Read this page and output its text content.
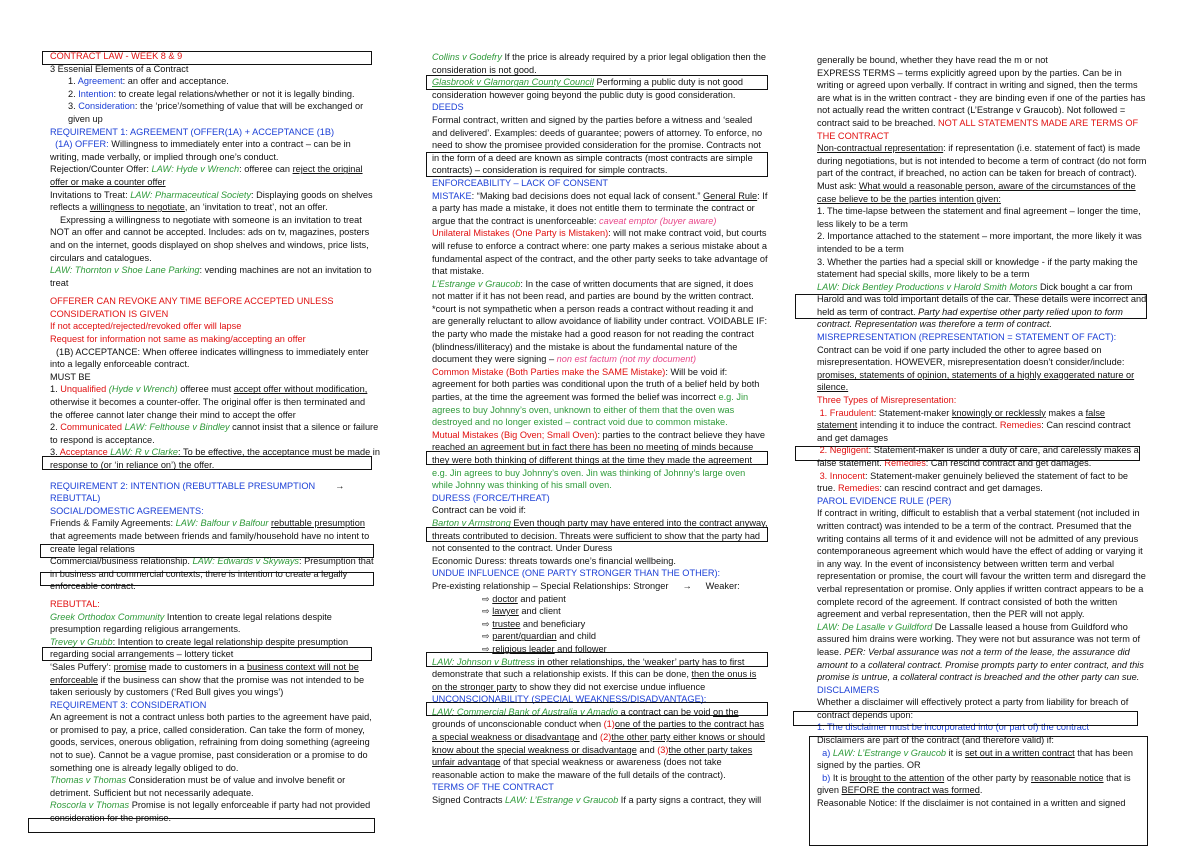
CONTRACT LAW - WEEK 8 & 9

3 Essenial Elements of a Contract

1. Agreement: an offer and acceptance.

2. Intention: to create legal relations/whether or not it is legally binding.

3. Consideration: the ‘price’/something of value that will be exchanged or given up

REQUIREMENT 1: AGREEMENT (OFFER(1A) + ACCEPTANCE (1B)

(1A) OFFER: Willingness to immediately enter into a contract – can be in writing, made verbally, or implied through one’s conduct.

Rejection/Counter Offer: LAW: Hyde v Wrench: offeree can reject the original offer or make a counter offer

Invitations to Treat: LAW: Pharmaceutical Society: Displaying goods on shelves reflects a willingness to negotiate, an ‘invitation to treat’, not an offer.

Expressing a willingness to negotiate with someone is an invitation to treat NOT an offer and cannot be accepted. Includes: ads on tv, magazines, posters and on the internet, goods displayed on shop shelves and windows, price lists, circulars and catalogues.

LAW: Thornton v Shoe Lane Parking: vending machines are not an invitation to treat

OFFERER CAN REVOKE ANY TIME BEFORE ACCEPTED UNLESS CONSIDERATION IS GIVEN

If not accepted/rejected/revoked offer will lapse

Request for information not same as making/accepting an offer

(1B) ACCEPTANCE: When offeree indicates willingness to immediately enter into a legally enforceable contract.

MUST BE

1. Unqualified (Hyde v Wrench) offeree must accept offer without modification, otherwise it becomes a counter-offer. The original offer is then terminated and the offeree cannot later change their mind to accept the offer

2. Communicated LAW: Felthouse v Bindley cannot insist that a silence or failure to respond is acceptance.

3. Acceptance LAW: R v Clarke: To be effective, the acceptance must be made in response to (or ‘in reliance on’) the offer.

REQUIREMENT 2: INTENTION (REBUTTABLE PRESUMPTION →

REBUTTAL)

SOCIAL/DOMESTIC AGREEMENTS:

Friends & Family Agreements: LAW: Balfour v Balfour rebuttable presumption that agreements made between friends and family/household have no intent to create legal relations

Commercial/business relationship. LAW: Edwards v Skyways: Presumption that in business and commercial contexts, there is intention to create a legally enforceable contract.

REBUTTAL:

Greek Orthodox Community Intention to create legal relations despite presumption regarding religious arrangements.

Trevey v Grubb: Intention to create legal relationship despite presumption regarding social arrangements – lottery ticket

‘Sales Puffery’: promise made to customers in a business context will not be enforceable if the business can show that the promise was not intended to be taken seriously by customers (‘Red Bull gives you wings’)

REQUIREMENT 3: CONSIDERATION

An agreement is not a contract unless both parties to the agreement have paid, or promised to pay, a price, called consideration. Can take the form of money, goods, services, onerous obligation, refraining from doing something (agreeing not to sue). Cannot be a vague promise, past consideration or a promise to do something one is already legally obliged to do.

Thomas v Thomas Consideration must be of value and involve benefit or detriment. Sufficient but not necessarily adequate.

Roscorla v Thomas Promise is not legally enforceable if party had not provided consideration for the promise.

Collins v Godefry If the price is already required by a prior legal obligation then the consideration is not good.

Glasbrook v Glamorgan County Council Performing a public duty is not good consideration however going beyond the public duty is good consideration.

DEEDS

Formal contract, written and signed by the parties before a witness and ‘sealed and delivered’. Examples: deeds of guarantee; powers of attorney. To enforce, no need to show the promisee provided consideration for the promise. Contracts not in the form of a deed are known as simple contracts (most contracts are simple contracts) – consideration is required for simple contracts.

ENFORCEABILITY – LACK OF CONSENT

MISTAKE: “Making bad decisions does not equal lack of consent.” General Rule: If a party has made a mistake, it does not entitle them to terminate the contract or argue that the contract is unenforceable: caveat emptor (buyer aware)

Unilateral Mistakes (One Party is Mistaken): will not make contract void, but courts will refuse to enforce a contract where: one party makes a serious mistake about a fundamental aspect of the contract, and the other party seeks to take advantage of that mistake.

L’Estrange v Graucob: In the case of written documents that are signed, it does not matter if it has not been read, and parties are bound by the written contract. *court is not sympathetic when a person reads a contract without reading it and are generally reluctant to allow avoidance of liability under contract. VOIDABLE IF: the party who made the mistake had a good reason for not reading the contract (blindness/illiteracy) and the mistake is about the fundamental nature of the document they were signing – non est factum (not my document)

Common Mistake (Both Parties make the SAME Mistake): Will be void if: agreement for both parties was conditional upon the truth of a belief held by both parties, at the time the agreement was formed the belief was incorrect e.g. Jin agrees to buy Johnny’s oven, unknown to either of them that the oven was destroyed and no longer existed – contract void due to common mistake.

Mutual Mistakes (Big Oven; Small Oven): parties to the contract believe they have reached an agreement but in fact there has been no meeting of minds because they were both thinking of different things at the time they made the agreement e.g. Jin agrees to buy Johnny’s oven. Jin was thinking of Johnny’s large oven while Johnny was thinking of his small oven.

DURESS (FORCE/THREAT)

Contract can be void if:

Barton v Armstrong Even though party may have entered into the contract anyway, threats contributed to decision. Threats were sufficient to show that the party had not consented to the contract. Under Duress

Economic Duress: threats towards one’s financial wellbeing.

UNDUE INFLUENCE (ONE PARTY STRONGER THAN THE OTHER):

Pre-existing relationship – Special Relationships: Stronger → Weaker:

⇨ doctor and patient

⇨ lawyer and client

⇨ trustee and beneficiary

⇨ parent/guardian and child

⇨ religious leader and follower

LAW: Johnson v Buttress in other relationships, the ‘weaker’ party has to first demonstrate that such a relationship exists. If this can be done, then the onus is on the stronger party to show they did not exercise undue influence

UNCONSCIONABILITY (SPECIAL WEAKNESS/DISADVANTAGE):

LAW: Commercial Bank of Australia v Amadio a contract can be void on the grounds of unconscionable conduct when (1)one of the parties to the contract has a special weakness or disadvantage and (2)the other party either knows or should know about the special weakness or disadvantage and (3)the other party takes unfair advantage of that special weakness or awareness (does not take reasonable action to make the maware of the full details of the contract).

TERMS OF THE CONTRACT

Signed Contracts LAW: L’Estrange v Graucob If a party signs a contract, they will

generally be bound, whether they have read the m or not

EXPRESS TERMS – terms explicitly agreed upon by the parties. Can be in writing or agreed upon verbally. If contract in writing and signed, then the terms are what is in the written contract - they are binding even if one of the parties has not actually read the written contract (L’Estrange v Graucob). Not followed = contract said to be breached. NOT ALL STATEMENTS MADE ARE TERMS OF THE CONTRACT

Non-contractual representation: if representation (i.e. statement of fact) is made during negotiations, but is not intended to become a term of contract (do not form part of the contract, if breached, no action can be taken for breach of contract).

Must ask: What would a reasonable person, aware of the circumstances of the case believe to be the parties intention given:

1. The time-lapse between the statement and final agreement – longer the time, less likely to be a term

2. Importance attached to the statement – more important, the more likely it was intended to be a term

3. Whether the parties had a special skill or knowledge - if the party making the statement had special skills, more likely to be a term

LAW: Dick Bentley Productions v Harold Smith Motors Dick bought a car from Harold and was told important details of the car. These details were incorrect and held as term of contract. Party had expertise other party relied upon to form contract. Representation was therefore a term of contract.

MISREPRESENTATION (REPRESENTATION = STATEMENT OF FACT):

Contract can be void if one party included the other to agree based on misrepresentation. HOWEVER, misrepresentation doesn’t consider/include: promises, statements of opinion, statements of a highly exaggerated nature or silence.

Three Types of Misrepresentation:

1. Fraudulent: Statement-maker knowingly or recklessly makes a false statement intending it to induce the contract. Remedies: Can rescind contract and get damages

2. Negligent: Statement-maker is under a duty of care, and carelessly makes a false statement. Remedies: Can rescind contract and get damages.

3. Innocent: Statement-maker genuinely believed the statement of fact to be true. Remedies: can rescind contract and get damages.

PAROL EVIDENCE RULE (PER)

If contract in writing, difficult to establish that a verbal statement (not included in written contract) was intended to be a term of the contract. Presumed that the writing contains all terms of it and evidence will not be admitted of any previous contemporaneous agreement which would have the effect of adding or varying it in any way. In the event of inconsistency between written term and verbal representation or promise, the court will favour the written term and disregard the verbal representation or promise. Only applies if written contract appears to be a complete record of the agreement. If contract consisted of both the written agreement and verbal representation, then the PER will not apply.

LAW: De Lasalle v Guildford De Lassalle leased a house from Guildford who assured him drains were working. They were not but assurance was not term of lease. PER: Verbal assurance was not a term of the lease, the assurance did amount to a collateral contract. Promise prompts party to enter contract, and this promise is untrue, a collateral contract is breached and the other party can sue.

DISCLAIMERS

Whether a disclaimer will effectively protect a party from liability for breach of contract depends upon:

1. The disclaimer must be incorporated into (or part of) the contract

Disclaimers are part of the contract (and therefore valid) if:

a) LAW: L’Estrange v Graucob it is set out in a written contract that has been signed by the parties. OR

b) It is brought to the attention of the other party by reasonable notice that is given BEFORE the contract was formed.

Reasonable Notice: If the disclaimer is not contained in a written and signed
